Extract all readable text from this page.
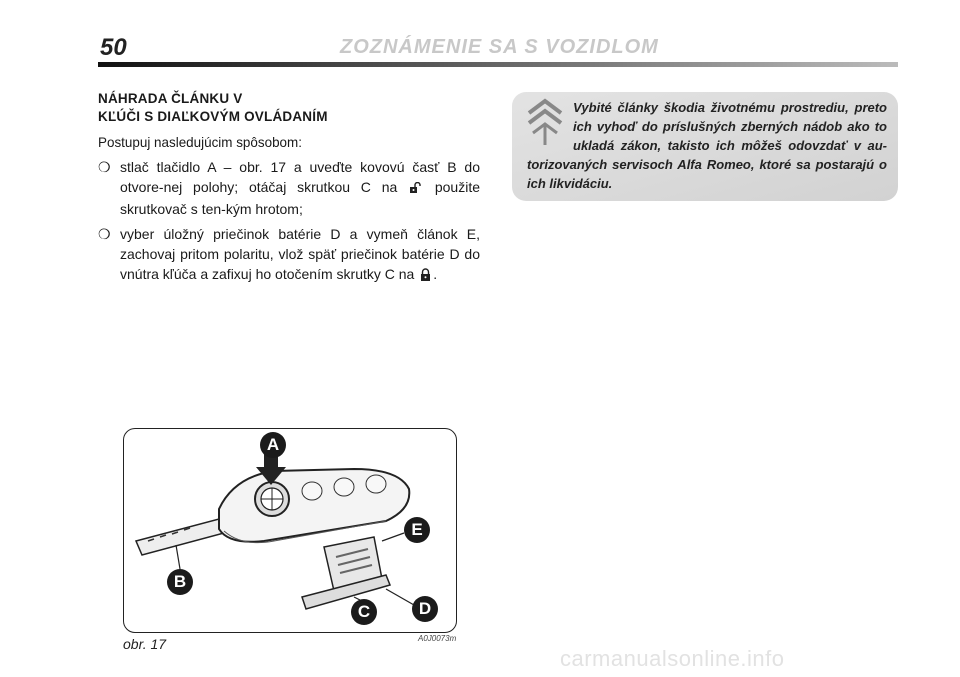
50	ZOZNÁMENIE SA S VOZIDLOM
NÁHRADA ČLÁNKU V
KĽÚČI S DIAĽKOVÝM OVLÁDANÍM
Postupuj nasledujúcim spôsobom:
❍ stlač tlačidlo A – obr. 17 a uveďte kovovú časť B do otvore-nej polohy; otáčaj skrutkou C na	použite skrutkovač s ten-kým hrotom;
❍ vyber úložný priečinok batérie D a vymeň článok E, zachovaj pritom polaritu, vlož späť priečinok batérie D do vnútra kľúča a zafixuj ho otočením skrutky C na .
Vybité články škodia životnému prostrediu, preto ich vyhoď do príslušných zberných nádob ako to ukladá zákon, takisto ich môžeš odovzdať v au-torizovaných servisoch Alfa Romeo, ktoré sa postarajú o ich likvidáciu.
A
B
C	D
E
obr. 17	A0J0073m
carmanualsonline.info
